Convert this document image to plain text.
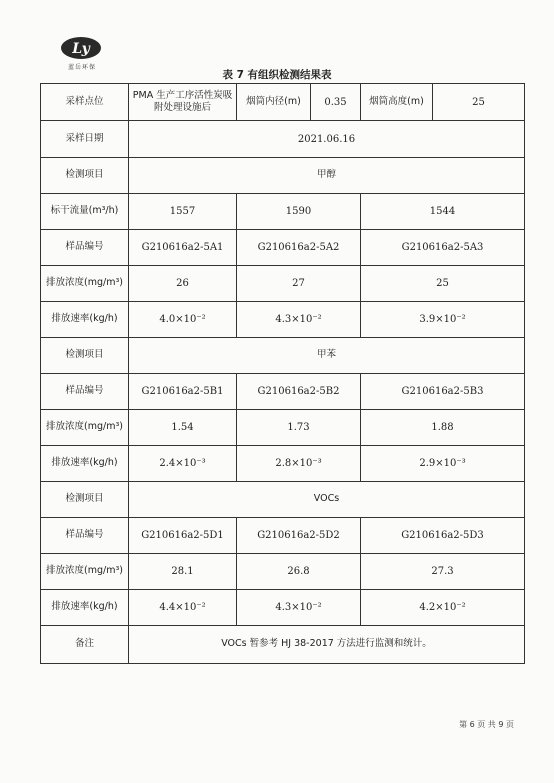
Ly
蓝岳环保
表 7 有组织检测结果表
采样点位	PMA 生产工序活性炭吸附处理设施后	烟筒内径(m)	0.35	烟筒高度(m)	25
采样日期	2021.06.16				
检测项目	甲醇				
标干流量(m³/h)	1557	1590		1544	
样品编号	G210616a2-5A1	G210616a2-5A2		G210616a2-5A3	
排放浓度(mg/m³)	26	27		25	
排放速率(kg/h)	4.0×10⁻²	4.3×10⁻²		3.9×10⁻²	
检测项目	甲苯				
样品编号	G210616a2-5B1	G210616a2-5B2		G210616a2-5B3	
排放浓度(mg/m³)	1.54	1.73		1.88	
排放速率(kg/h)	2.4×10⁻³	2.8×10⁻³		2.9×10⁻³	
检测项目	VOCs				
样品编号	G210616a2-5D1	G210616a2-5D2		G210616a2-5D3	
排放浓度(mg/m³)	28.1	26.8		27.3	
排放速率(kg/h)	4.4×10⁻²	4.3×10⁻²		4.2×10⁻²	
备注	VOCs 暂参考 HJ 38-2017 方法进行监测和统计。				
第 6 页 共 9 页
